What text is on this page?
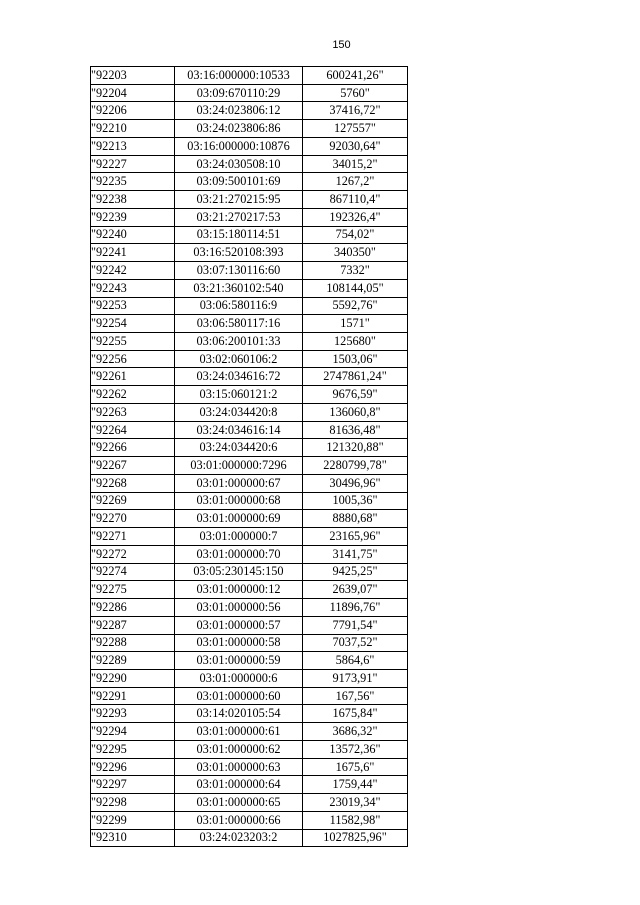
150
"92203	03:16:000000:10533	600241,26"
"92204	03:09:670110:29	5760"
"92206	03:24:023806:12	37416,72"
"92210	03:24:023806:86	127557"
"92213	03:16:000000:10876	92030,64"
"92227	03:24:030508:10	34015,2"
"92235	03:09:500101:69	1267,2"
"92238	03:21:270215:95	867110,4"
"92239	03:21:270217:53	192326,4"
"92240	03:15:180114:51	754,02"
"92241	03:16:520108:393	340350"
"92242	03:07:130116:60	7332"
"92243	03:21:360102:540	108144,05"
"92253	03:06:580116:9	5592,76"
"92254	03:06:580117:16	1571"
"92255	03:06:200101:33	125680"
"92256	03:02:060106:2	1503,06"
"92261	03:24:034616:72	2747861,24"
"92262	03:15:060121:2	9676,59"
"92263	03:24:034420:8	136060,8"
"92264	03:24:034616:14	81636,48"
"92266	03:24:034420:6	121320,88"
"92267	03:01:000000:7296	2280799,78"
"92268	03:01:000000:67	30496,96"
"92269	03:01:000000:68	1005,36"
"92270	03:01:000000:69	8880,68"
"92271	03:01:000000:7	23165,96"
"92272	03:01:000000:70	3141,75"
"92274	03:05:230145:150	9425,25"
"92275	03:01:000000:12	2639,07"
"92286	03:01:000000:56	11896,76"
"92287	03:01:000000:57	7791,54"
"92288	03:01:000000:58	7037,52"
"92289	03:01:000000:59	5864,6"
"92290	03:01:000000:6	9173,91"
"92291	03:01:000000:60	167,56"
"92293	03:14:020105:54	1675,84"
"92294	03:01:000000:61	3686,32"
"92295	03:01:000000:62	13572,36"
"92296	03:01:000000:63	1675,6"
"92297	03:01:000000:64	1759,44"
"92298	03:01:000000:65	23019,34"
"92299	03:01:000000:66	11582,98"
"92310	03:24:023203:2	1027825,96"
